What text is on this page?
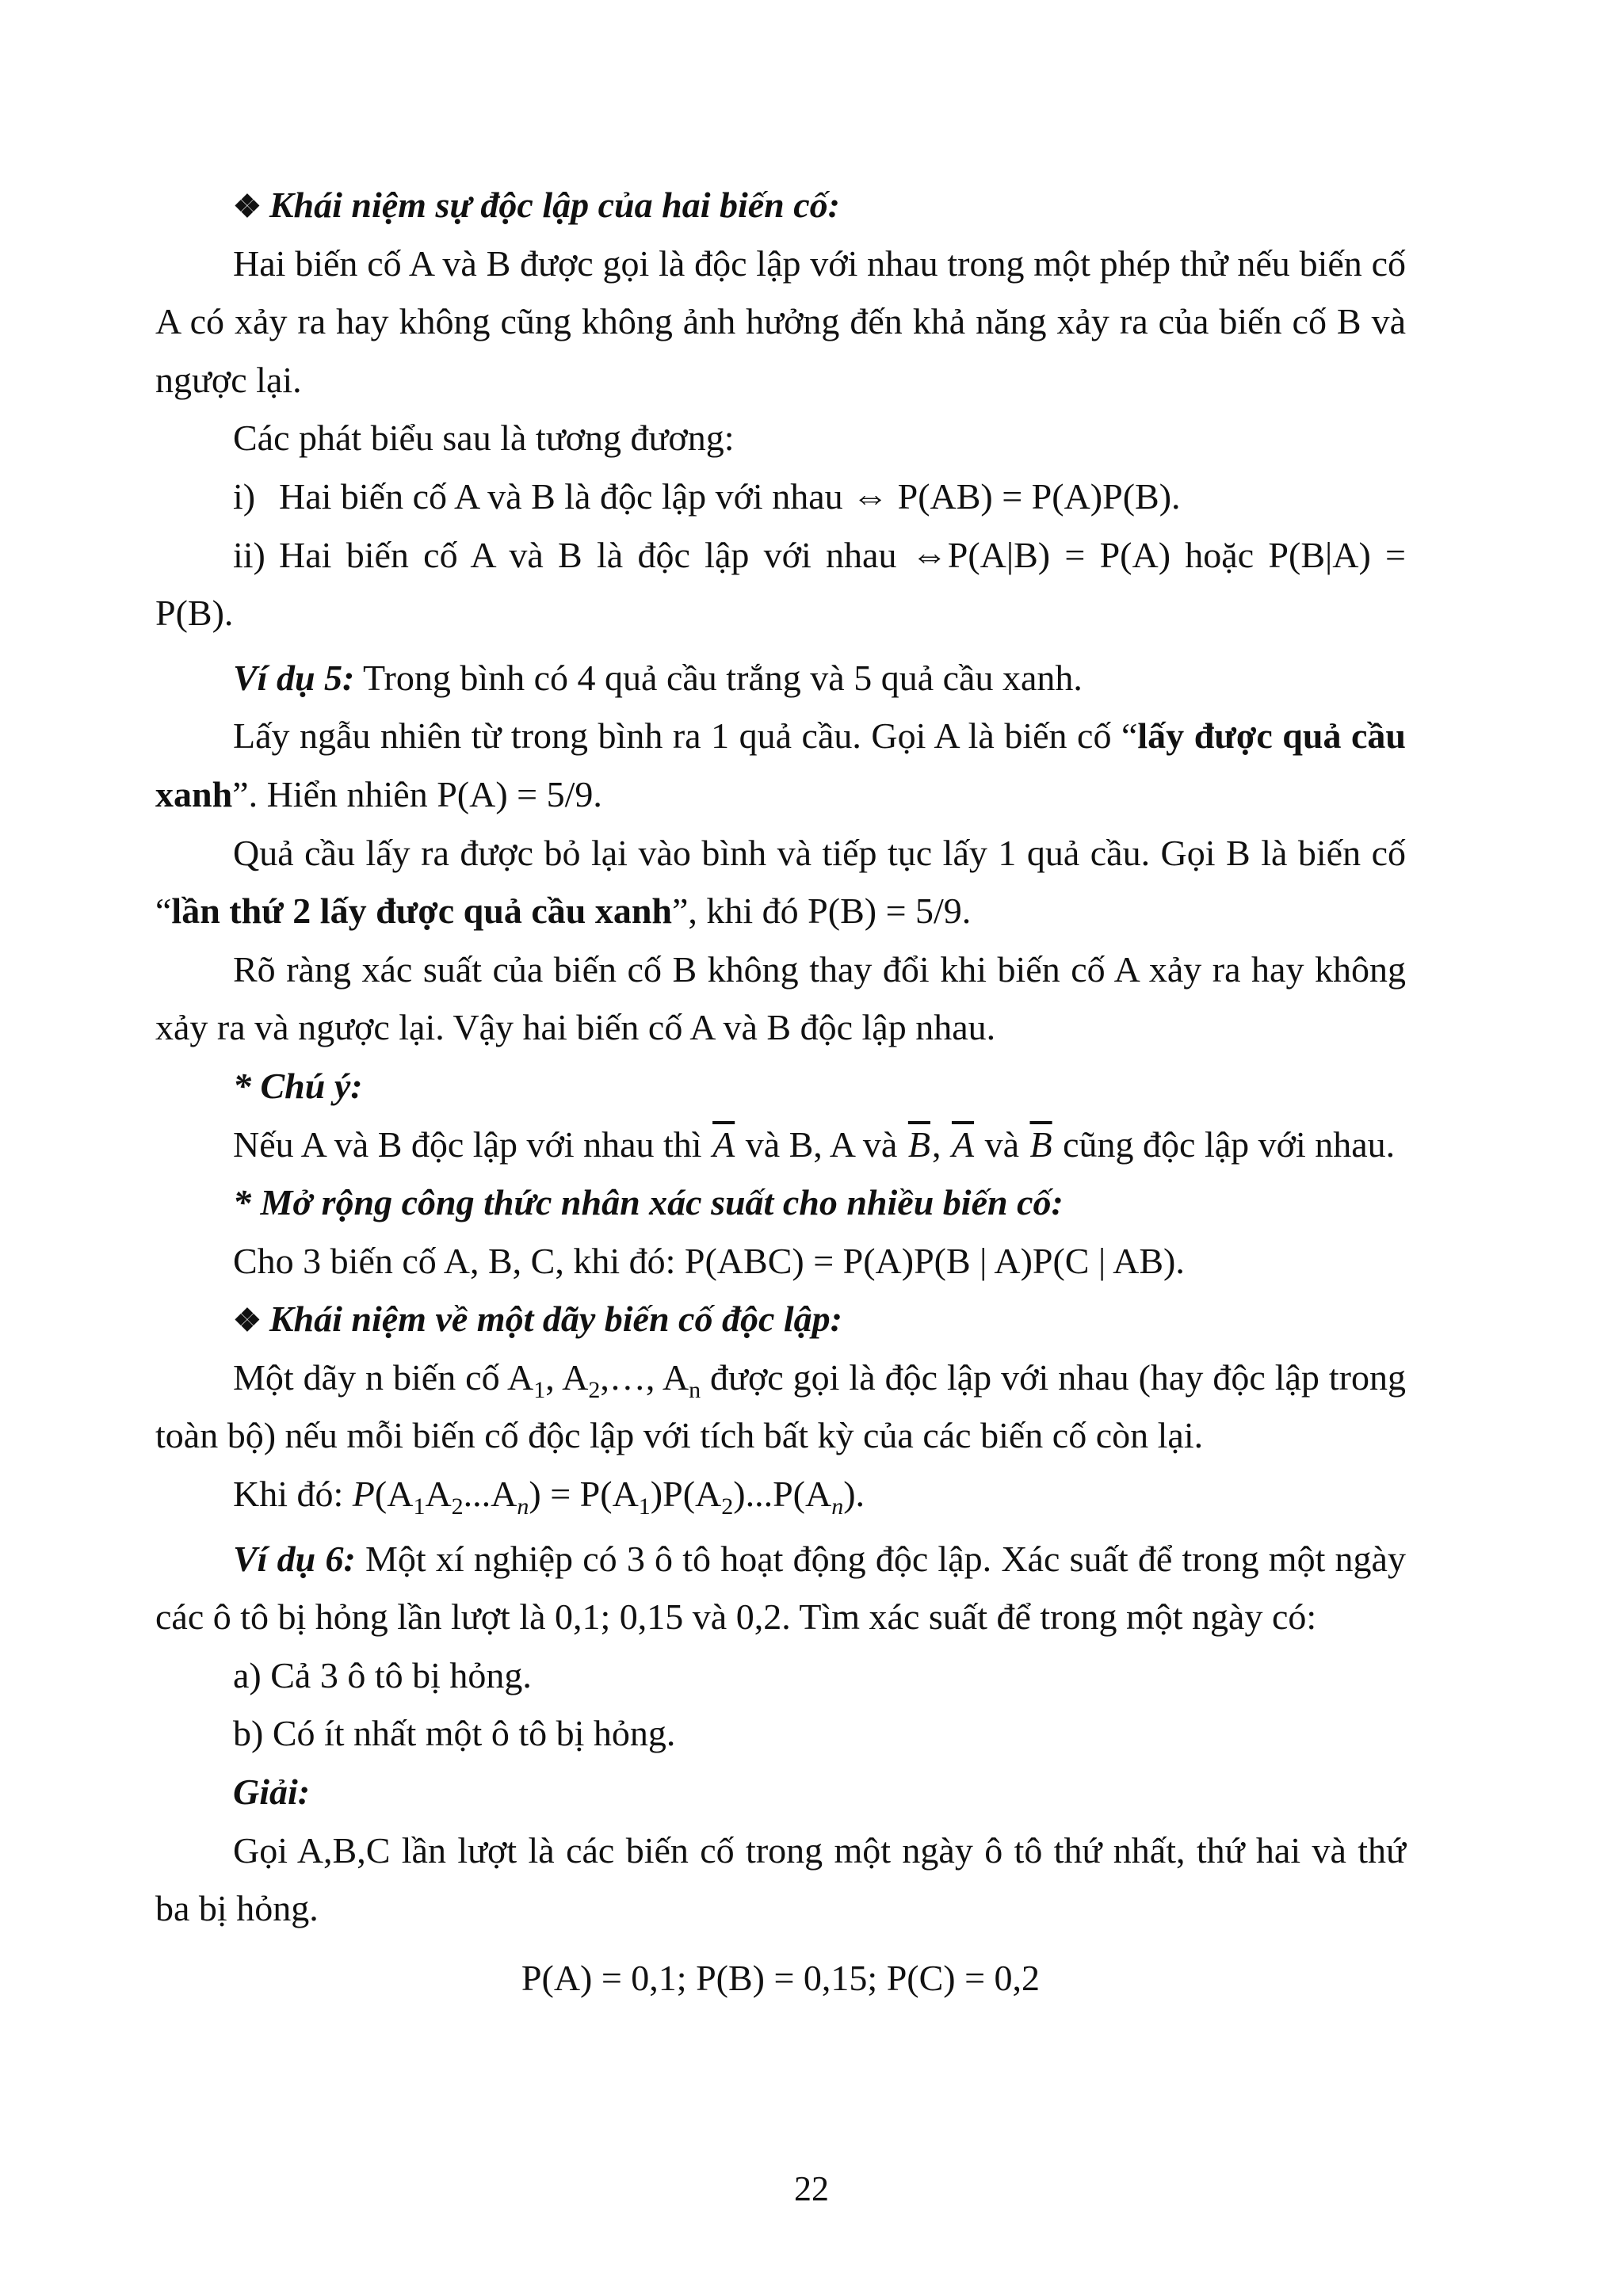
❖ Khái niệm sự độc lập của hai biến cố:

Hai biến cố A và B được gọi là độc lập với nhau trong một phép thử nếu biến cố A có xảy ra hay không cũng không ảnh hưởng đến khả năng xảy ra của biến cố B và ngược lại.

Các phát biểu sau là tương đương:

i) Hai biến cố A và B là độc lập với nhau ⇔ P(AB) = P(A)P(B).

ii) Hai biến cố A và B là độc lập với nhau ⇔P(A|B) = P(A) hoặc P(B|A) = P(B).

Ví dụ 5: Trong bình có 4 quả cầu trắng và 5 quả cầu xanh.

Lấy ngẫu nhiên từ trong bình ra 1 quả cầu. Gọi A là biến cố “lấy được quả cầu xanh”. Hiển nhiên P(A) = 5/9.

Quả cầu lấy ra được bỏ lại vào bình và tiếp tục lấy 1 quả cầu. Gọi B là biến cố “lần thứ 2 lấy được quả cầu xanh”, khi đó P(B) = 5/9.

Rõ ràng xác suất của biến cố B không thay đổi khi biến cố A xảy ra hay không xảy ra và ngược lại. Vậy hai biến cố A và B độc lập nhau.

* Chú ý:

Nếu A và B độc lập với nhau thì $\overline{A}$ và B, A và $\overline{B}$, $\overline{A}$ và $\overline{B}$ cũng độc lập với nhau.

* Mở rộng công thức nhân xác suất cho nhiều biến cố:

Cho 3 biến cố A, B, C, khi đó: P(ABC) = P(A)P(B | A)P(C | AB).

❖ Khái niệm về một dãy biến cố độc lập:

Một dãy n biến cố $A_1$, $A_2,\dots$, $A_n$ được gọi là độc lập với nhau (hay độc lập trong toàn bộ) nếu mỗi biến cố độc lập với tích bất kỳ của các biến cố còn lại.

Khi đó: $P(A_1A_2...A_n) = P(A_1)P(A_2)...P(A_n)$.

Ví dụ 6: Một xí nghiệp có 3 ô tô hoạt động độc lập. Xác suất để trong một ngày các ô tô bị hỏng lần lượt là 0,1; 0,15 và 0,2. Tìm xác suất để trong một ngày có:

a) Cả 3 ô tô bị hỏng.

b) Có ít nhất một ô tô bị hỏng.

Giải:

Gọi A,B,C lần lượt là các biến cố trong một ngày ô tô thứ nhất, thứ hai và thứ ba bị hỏng.

P(A) = 0,1; P(B) = 0,15; P(C) = 0,2

22
